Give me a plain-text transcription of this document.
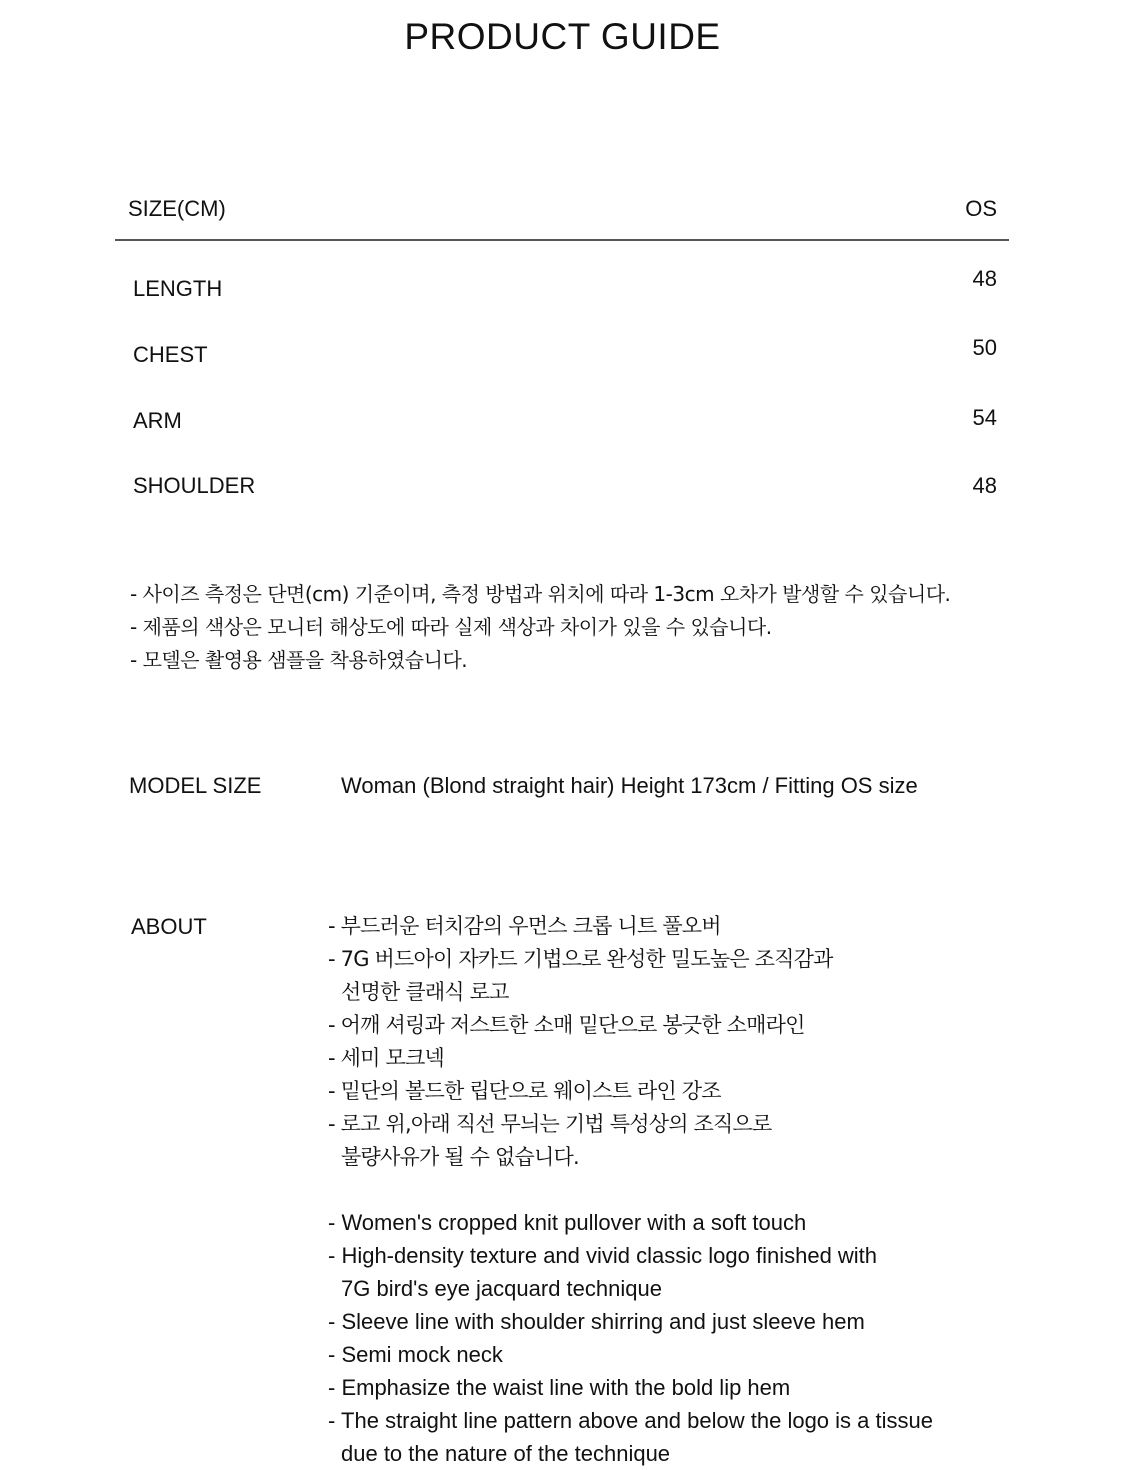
PRODUCT GUIDE
SIZE(CM)	OS
LENGTH	48
CHEST	50
ARM	54
SHOULDER	48
- 사이즈 측정은 단면(cm) 기준이며, 측정 방법과 위치에 따라 1-3cm 오차가 발생할 수 있습니다.
- 제품의 색상은 모니터 해상도에 따라 실제 색상과 차이가 있을 수 있습니다.
- 모델은 촬영용 샘플을 착용하였습니다.
MODEL SIZE	Woman (Blond straight hair) Height 173cm / Fitting OS size
ABOUT	- 부드러운 터치감의 우먼스 크롭 니트 풀오버
- 7G 버드아이 자카드 기법으로 완성한 밀도높은 조직감과
선명한 클래식 로고
- 어깨 셔링과 저스트한 소매 밑단으로 봉긋한 소매라인
- 세미 모크넥
- 밑단의 볼드한 립단으로 웨이스트 라인 강조
- 로고 위,아래 직선 무늬는 기법 특성상의 조직으로
불량사유가 될 수 없습니다.
- Women's cropped knit pullover with a soft touch
- High-density texture and vivid classic logo finished with
7G bird's eye jacquard technique
- Sleeve line with shoulder shirring and just sleeve hem
- Semi mock neck
- Emphasize the waist line with the bold lip hem
- The straight line pattern above and below the logo is a tissue
due to the nature of the technique
